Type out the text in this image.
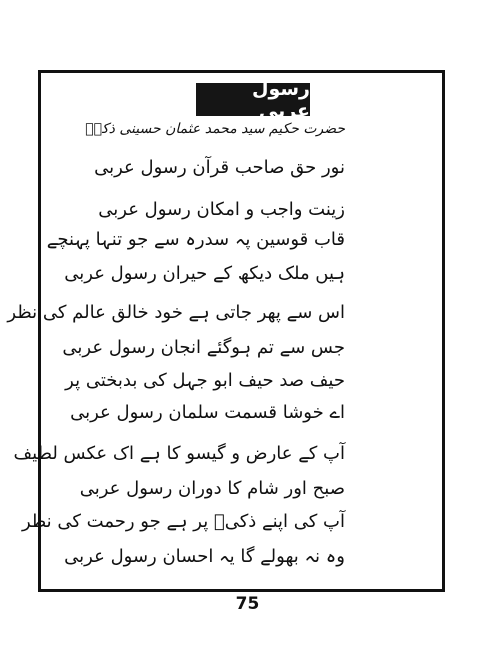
رسول عربی
حضرت حکیم سید محمد عثمان حسینی ذکیؔ
نور حق صاحب قرآن رسول عربی
زینت واجب و امکان رسول عربی
قاب قوسین پہ سدرہ سے جو تنہا پہنچے
ہیں ملک دیکھ کے حیران رسول عربی
اس سے پھر جاتی ہے خود خالق عالم کی نظر
جس سے تم ہوگئے انجان رسول عربی
حیف صد حیف ابو جہل کی بدبختی پر
اے خوشا قسمت سلمان رسول عربی
آپ کے عارض و گیسو کا ہے اک عکس لطیف
صبح اور شام کا دوران رسول عربی
آپ کی اپنے ذکیؔ پر ہے جو رحمت کی نظر
وہ نہ بھولے گا یہ احسان رسول عربی
75
